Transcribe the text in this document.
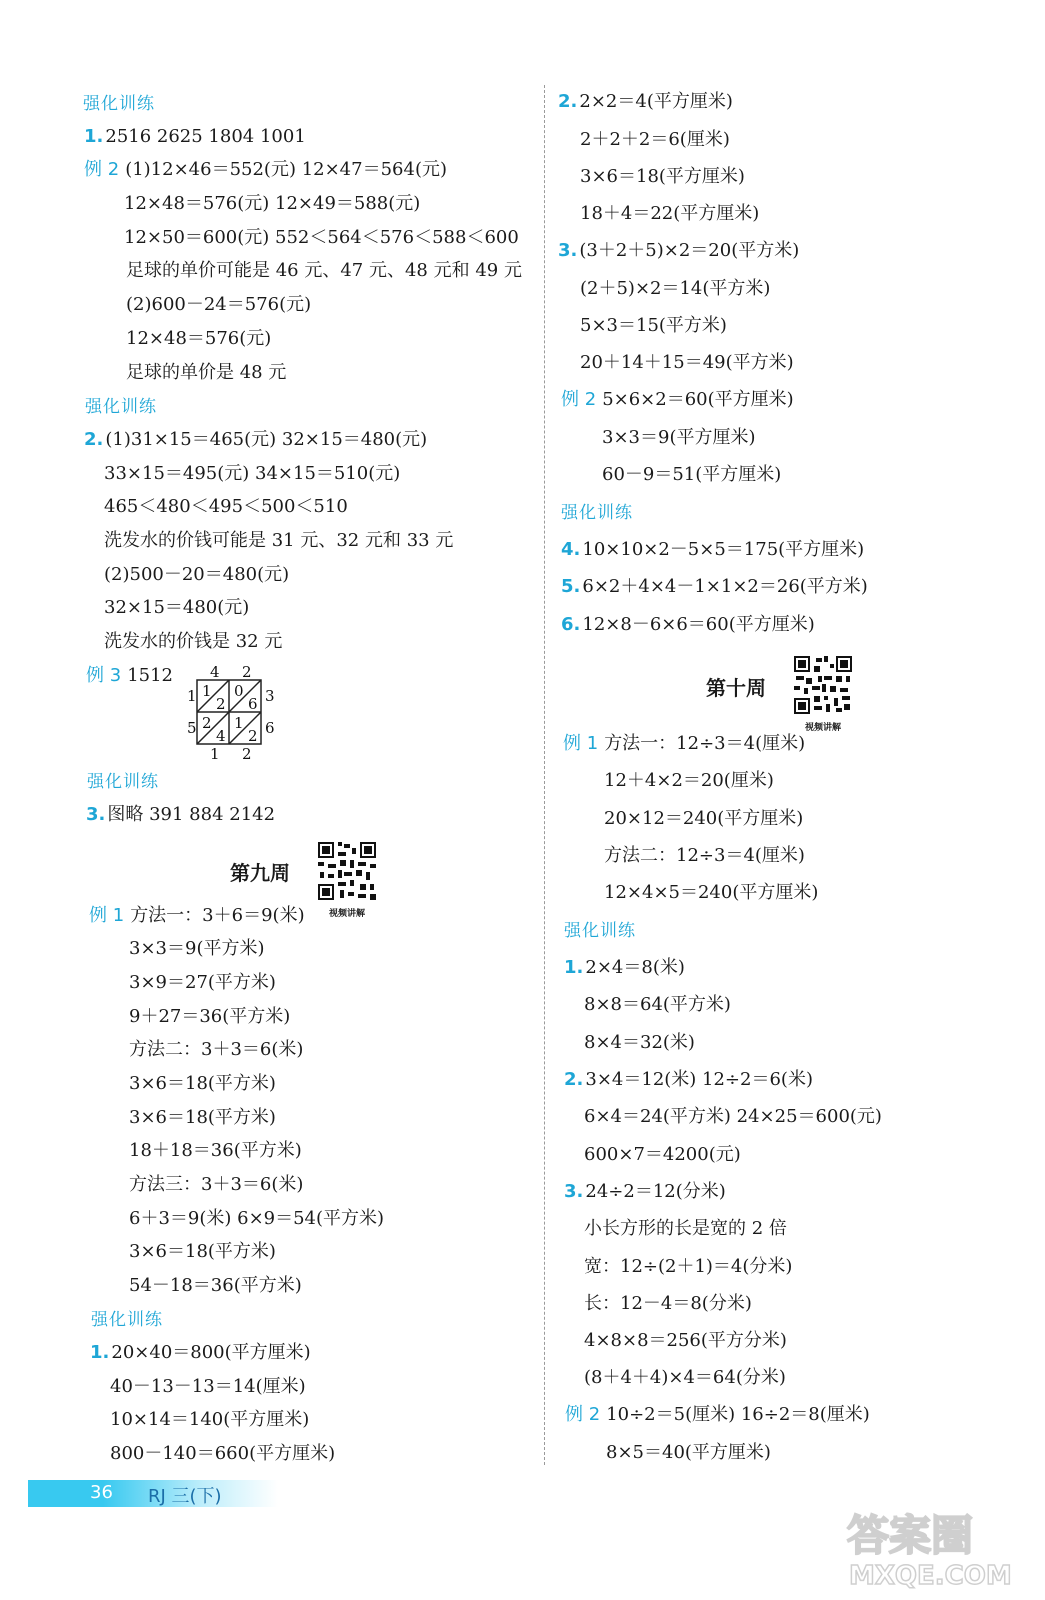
强化训练
1. 2516 2625 1804 1001
例 2 (1)12×46＝552(元) 12×47＝564(元)
12×48＝576(元) 12×49＝588(元)
12×50＝600(元) 552＜564＜576＜588＜600
足球的单价可能是 46 元、47 元、48 元和 49 元
(2)600－24＝576(元)
12×48＝576(元)
足球的单价是 48 元
强化训练
2. (1)31×15＝465(元) 32×15＝480(元)
33×15＝495(元) 34×15＝510(元)
465＜480＜495＜500＜510
洗发水的价钱可能是 31 元、32 元和 33 元
(2)500－20＝480(元)
32×15＝480(元)
洗发水的价钱是 32 元
例 3 1512 4 2
1
5
3
6
1 2
1
2
0
6
2
4
1
2
强化训练
3. 图略 391 884 2142
第九周
视频讲解
例 1 方法一：3＋6＝9(米)
3×3＝9(平方米)
3×9＝27(平方米)
9＋27＝36(平方米)
方法二：3＋3＝6(米)
3×6＝18(平方米)
3×6＝18(平方米)
18＋18＝36(平方米)
方法三：3＋3＝6(米)
6＋3＝9(米) 6×9＝54(平方米)
3×6＝18(平方米)
54－18＝36(平方米)
强化训练
1. 20×40＝800(平方厘米)
40－13－13＝14(厘米)
10×14＝140(平方厘米)
800－140＝660(平方厘米)
2. 2×2＝4(平方厘米)
2＋2＋2＝6(厘米)
3×6＝18(平方厘米)
18＋4＝22(平方厘米)
3. (3＋2＋5)×2＝20(平方米)
(2＋5)×2＝14(平方米)
5×3＝15(平方米)
20＋14＋15＝49(平方米)
例 2 5×6×2＝60(平方厘米)
3×3＝9(平方厘米)
60－9＝51(平方厘米)
强化训练
4. 10×10×2－5×5＝175(平方厘米)
5. 6×2＋4×4－1×1×2＝26(平方米)
6. 12×8－6×6＝60(平方厘米)
第十周
视频讲解
例 1 方法一：12÷3＝4(厘米)
12＋4×2＝20(厘米)
20×12＝240(平方厘米)
方法二：12÷3＝4(厘米)
12×4×5＝240(平方厘米)
强化训练
1. 2×4＝8(米)
8×8＝64(平方米)
8×4＝32(米)
2. 3×4＝12(米) 12÷2＝6(米)
6×4＝24(平方米) 24×25＝600(元)
600×7＝4200(元)
3. 24÷2＝12(分米)
小长方形的长是宽的 2 倍
宽：12÷(2＋1)＝4(分米)
长：12－4＝8(分米)
4×8×8＝256(平方分米)
(8＋4＋4)×4＝64(分米)
例 2 10÷2＝5(厘米) 16÷2＝8(厘米)
8×5＝40(平方厘米)
36 RJ 三(下)
答案圈
MXQE.COM
